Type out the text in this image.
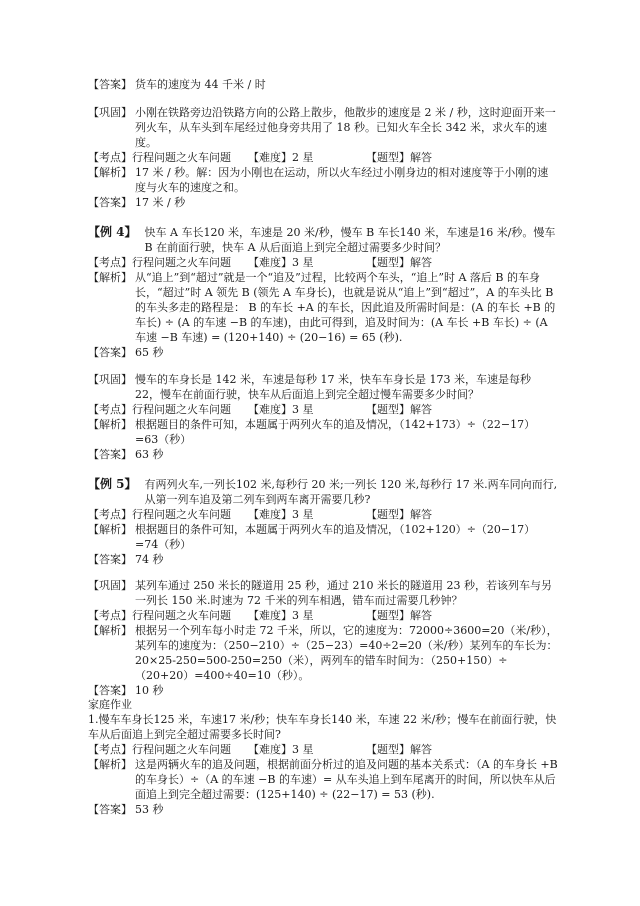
【答案】 货车的速度为 44 千米 / 时
【巩固】 小刚在铁路旁边沿铁路方向的公路上散步，他散步的速度是 2 米 / 秒，这时迎面开来一列火车，从车头到车尾经过他身旁共用了 18 秒。已知火车全长 342 米，求火车的速度。
【考点】行程问题之火车问题	【难度】2 星	【题型】解答
【解析】 17 米 / 秒。解：因为小刚也在运动，所以火车经过小刚身边的相对速度等于小刚的速度与火车的速度之和。
【答案】 17 米 / 秒
【例 4】 快车 A 车长120 米，车速是 20 米/秒，慢车 B 车长140 米，车速是16 米/秒。慢车 B 在前面行驶，快车 A 从后面追上到完全超过需要多少时间？
【考点】行程问题之火车问题	【难度】3 星	【题型】解答
【解析】 从“追上”到“超过”就是一个“追及”过程，比较两个车头，“追上”时 A 落后 B 的车身长，“超过”时 A 领先 B (领先 A 车身长)，也就是说从“追上”到“超过”，A 的车头比 B 的车头多走的路程是： B 的车长 +A 的车长，因此追及所需时间是：(A 的车长 +B 的车长) ÷ (A 的车速 −B 的车速)，由此可得到，追及时间为：(A 车长 +B 车长) ÷ (A 车速 −B 车速) = (120+140) ÷ (20−16) = 65 (秒).
【答案】 65 秒
【巩固】 慢车的车身长是 142 米，车速是每秒 17 米，快车车身长是 173 米，车速是每秒 22，慢车在前面行驶，快车从后面追上到完全超过慢车需要多少时间？
【考点】行程问题之火车问题	【难度】3 星	【题型】解答
【解析】 根据题目的条件可知，本题属于两列火车的追及情况，（142+173）÷（22−17）=63（秒）
【答案】 63 秒
【例 5】 有两列火车,一列长102 米,每秒行 20 米;一列长 120 米,每秒行 17 米.两车同向而行,从第一列车追及第二列车到两车离开需要几秒?
【考点】行程问题之火车问题	【难度】3 星	【题型】解答
【解析】 根据题目的条件可知，本题属于两列火车的追及情况，（102+120）÷（20−17）=74（秒）
【答案】 74 秒
【巩固】 某列车通过 250 米长的隧道用 25 秒，通过 210 米长的隧道用 23 秒，若该列车与另一列长 150 米.时速为 72 千米的列车相遇，错车而过需要几秒钟？
【考点】行程问题之火车问题	【难度】3 星	【题型】解答
【解析】 根据另一个列车每小时走 72 千米，所以，它的速度为：72000÷3600=20（米/秒），某列车的速度为：（250−210）÷（25−23）=40÷2=20（米/秒）某列车的车长为：20×25-250=500-250=250（米），两列车的错车时间为：（250+150）÷（20+20）=400÷40=10（秒）。
【答案】 10 秒
家庭作业
1.慢车车身长125 米，车速17 米/秒；快车车身长140 米，车速 22 米/秒；慢车在前面行驶，快车从后面追上到完全超过需要多长时间?
【考点】行程问题之火车问题	【难度】3 星	【题型】解答
【解析】 这是两辆火车的追及问题，根据前面分析过的追及问题的基本关系式：（A 的车身长 +B 的车身长）÷（A 的车速 −B 的车速）= 从车头追上到车尾离开的时间，所以快车从后面追上到完全超过需要：(125+140) ÷ (22−17) = 53 (秒).
【答案】 53 秒
